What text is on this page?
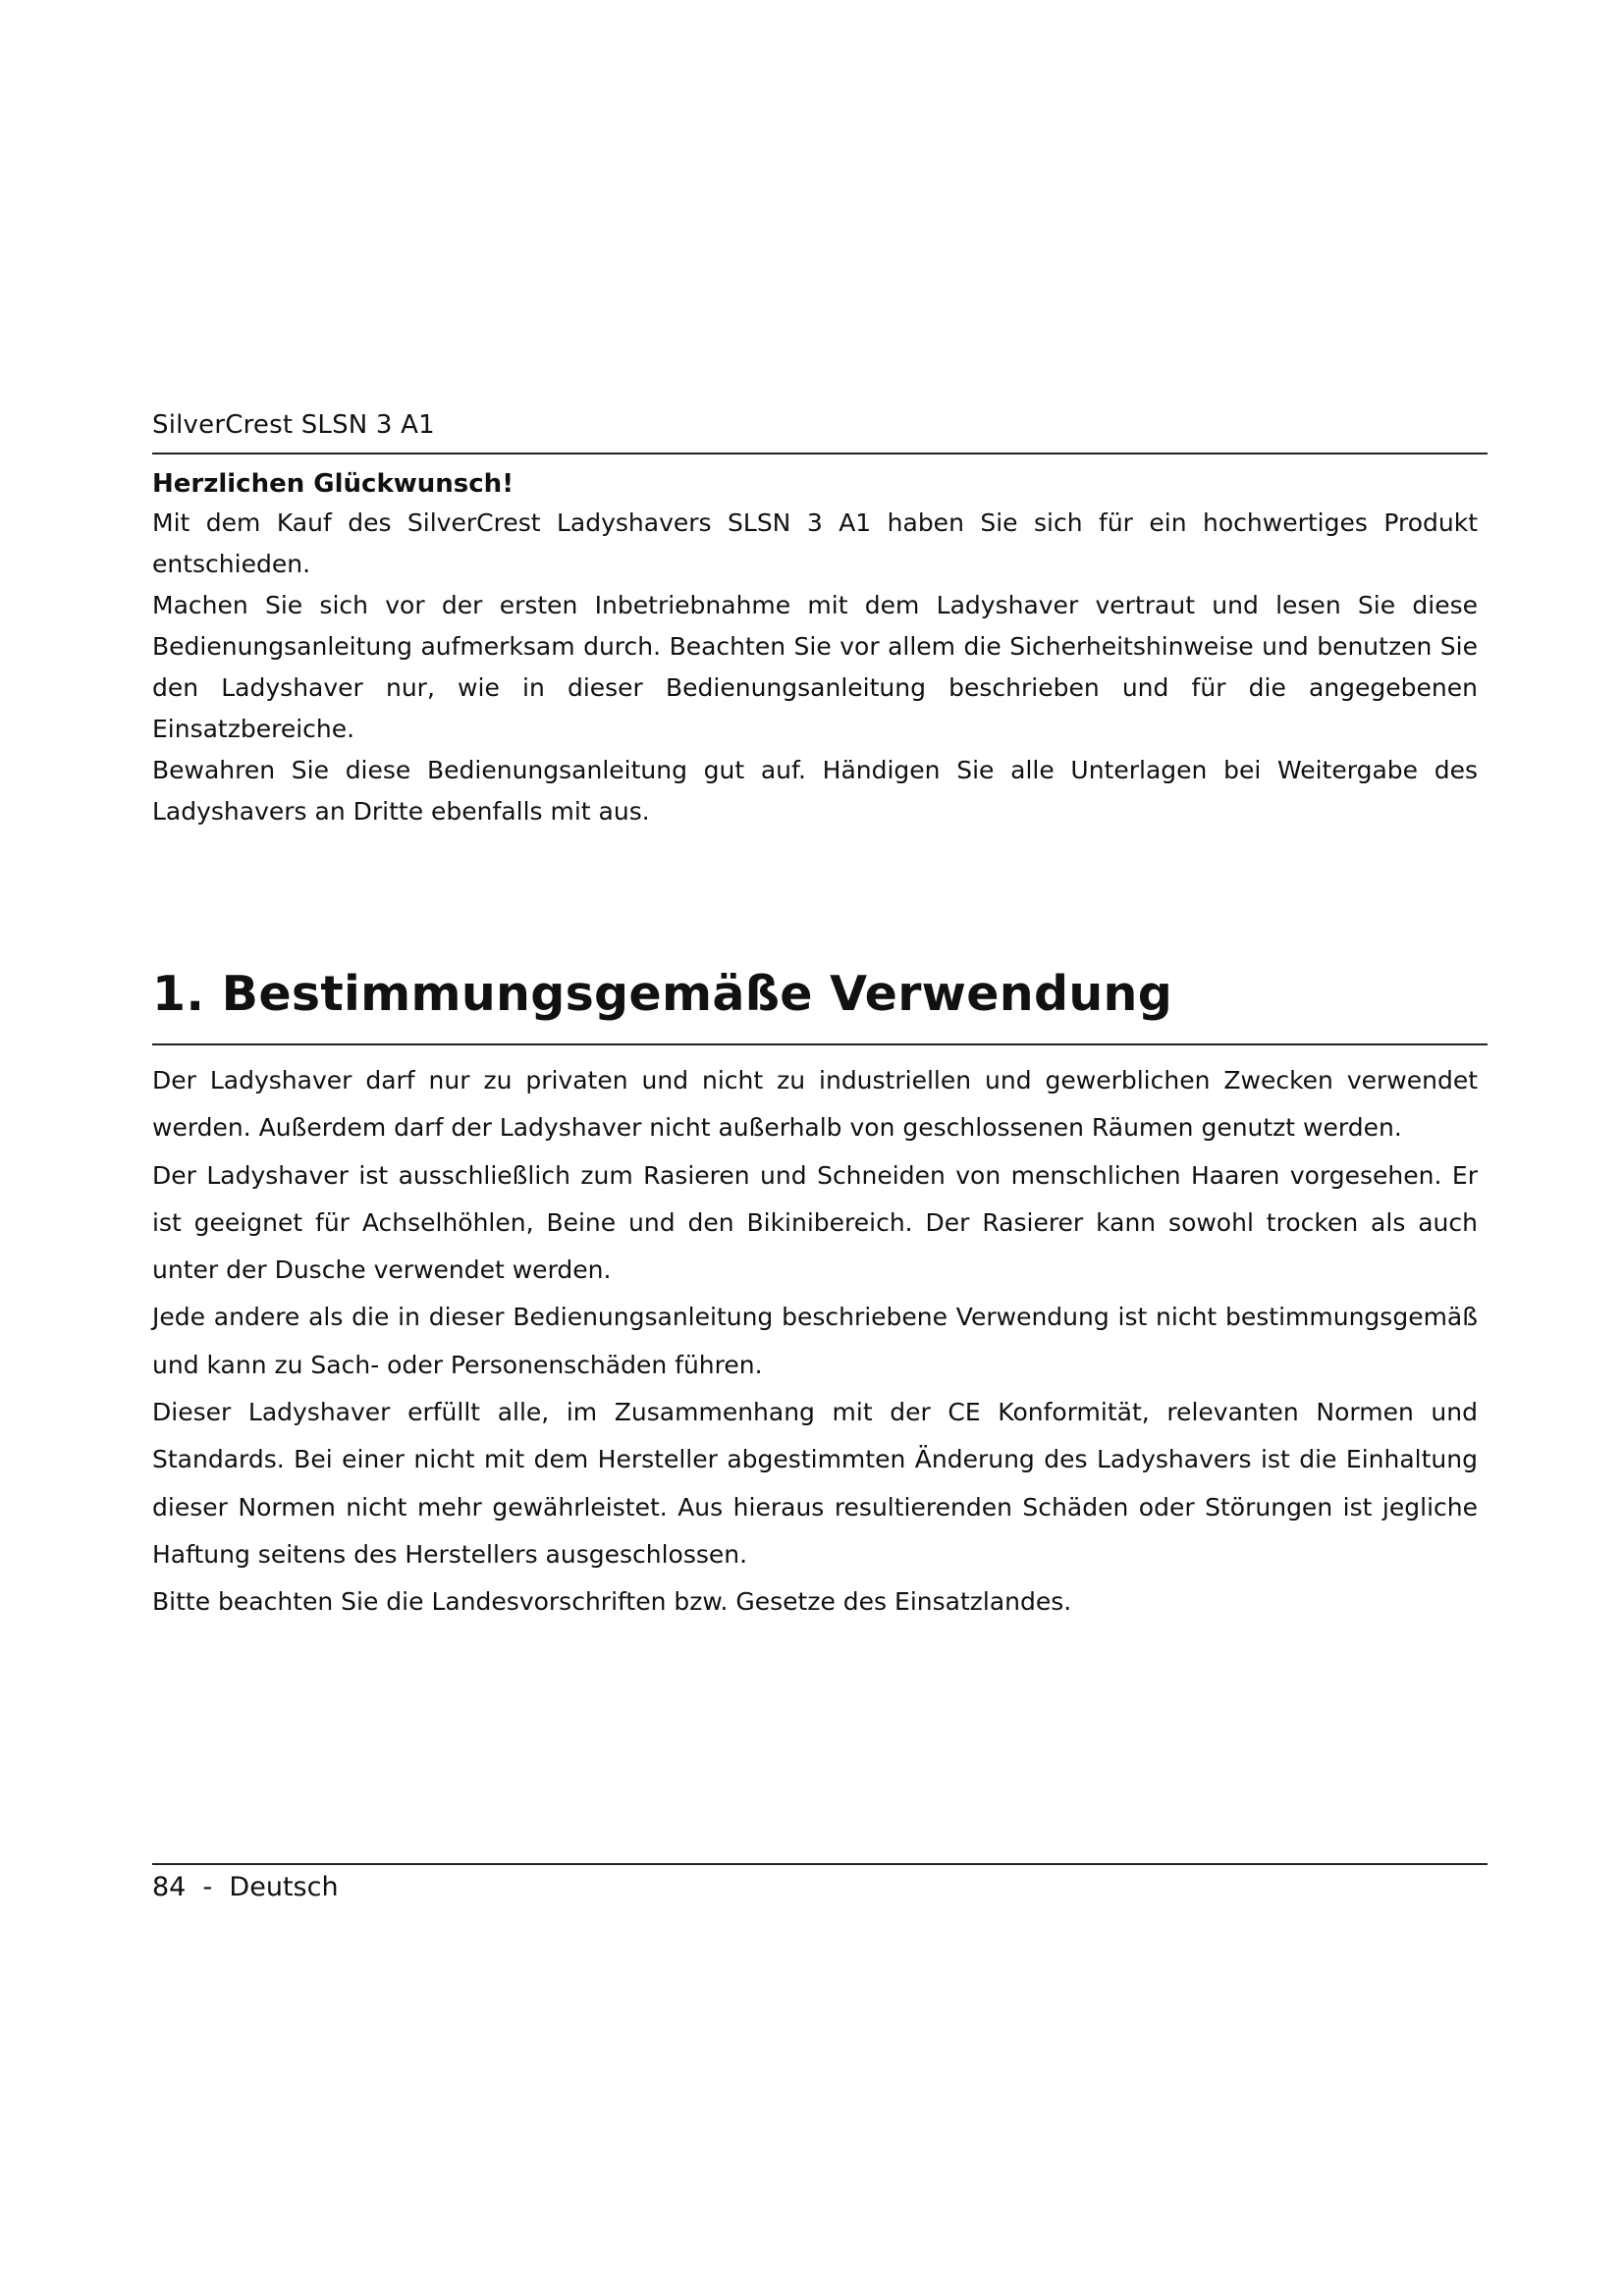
SilverCrest SLSN 3 A1

Herzlichen Glückwunsch!

Mit dem Kauf des SilverCrest Ladyshavers SLSN 3 A1 haben Sie sich für ein hochwertiges Produkt entschieden.

Machen Sie sich vor der ersten Inbetriebnahme mit dem Ladyshaver vertraut und lesen Sie diese Bedienungsanleitung aufmerksam durch. Beachten Sie vor allem die Sicherheitshinweise und benutzen Sie den Ladyshaver nur, wie in dieser Bedienungsanleitung beschrieben und für die angegebenen Einsatzbereiche.

Bewahren Sie diese Bedienungsanleitung gut auf. Händigen Sie alle Unterlagen bei Weitergabe des Ladyshavers an Dritte ebenfalls mit aus.

1. Bestimmungsgemäße Verwendung

Der Ladyshaver darf nur zu privaten und nicht zu industriellen und gewerblichen Zwecken verwendet werden. Außerdem darf der Ladyshaver nicht außerhalb von geschlossenen Räumen genutzt werden.

Der Ladyshaver ist ausschließlich zum Rasieren und Schneiden von menschlichen Haaren vorgesehen. Er ist geeignet für Achselhöhlen, Beine und den Bikinibereich. Der Rasierer kann sowohl trocken als auch unter der Dusche verwendet werden.

Jede andere als die in dieser Bedienungsanleitung beschriebene Verwendung ist nicht bestimmungsgemäß und kann zu Sach- oder Personenschäden führen.

Dieser Ladyshaver erfüllt alle, im Zusammenhang mit der CE Konformität, relevanten Normen und Standards. Bei einer nicht mit dem Hersteller abgestimmten Änderung des Ladyshavers ist die Einhaltung dieser Normen nicht mehr gewährleistet. Aus hieraus resultierenden Schäden oder Störungen ist jegliche Haftung seitens des Herstellers ausgeschlossen.

Bitte beachten Sie die Landesvorschriften bzw. Gesetze des Einsatzlandes.

84  -  Deutsch
